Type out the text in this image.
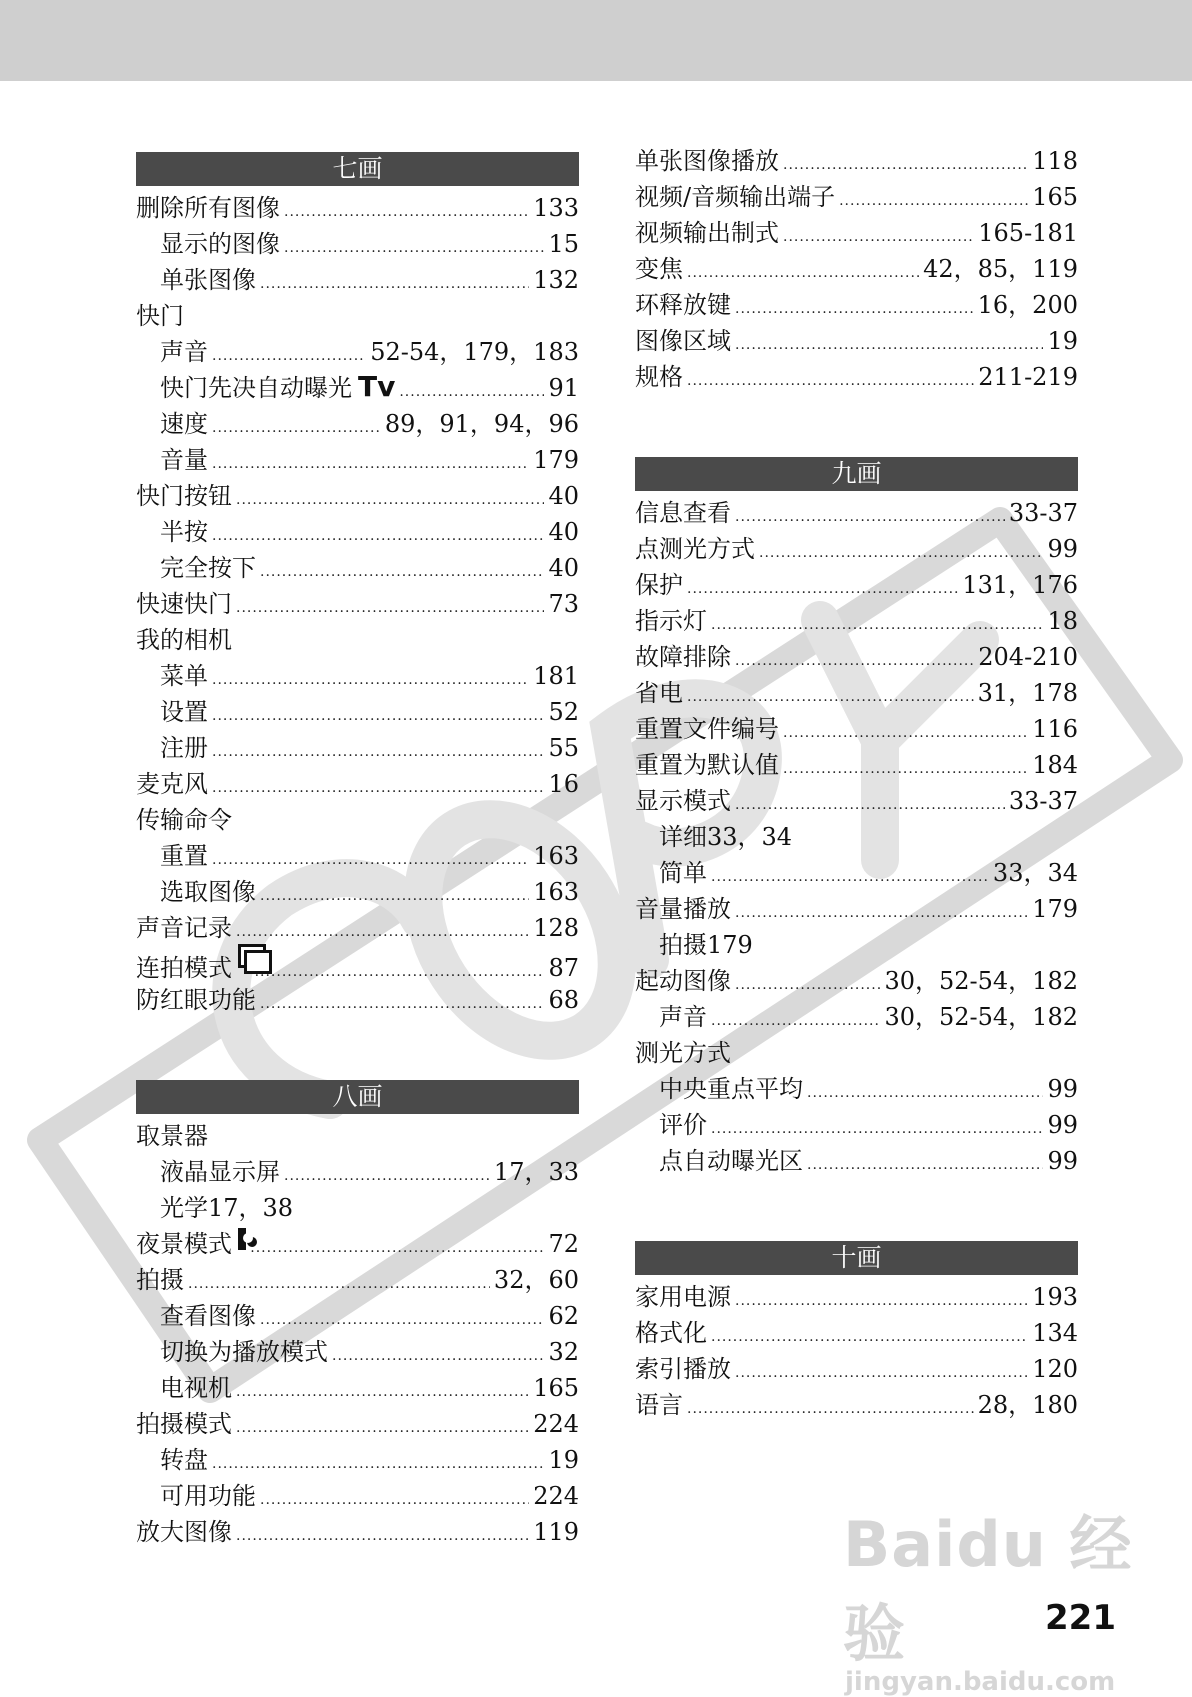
七画
删除所有图像 .....	133
显示的图像 .....	15
单张图像 .....	132
快门
声音 .....	52-54，179，183
快门先决自动曝光 Tv .....	91
速度 .....	89，91，94，96
音量 .....	179
快门按钮 .....	40
半按 .....	40
完全按下 .....	40
快速快门 .....	73
我的相机
菜单 .....	181
设置 .....	52
注册 .....	55
麦克风 .....	16
传输命令
重置 .....	163
选取图像 .....	163
声音记录 .....	128
连拍模式 .....	87
防红眼功能 .....	68
八画
取景器
液晶显示屏 .....	17，33
光学17，38
夜景模式 .....	72
拍摄 .....	32，60
查看图像 .....	62
切换为播放模式 .....	32
电视机 .....	165
拍摄模式 .....	224
转盘 .....	19
可用功能 .....	224
放大图像 .....	119
单张图像播放 .....	118
视频/音频输出端子 .....	165
视频输出制式 .....	165-181
变焦 .....	42，85，119
环释放键 .....	16，200
图像区域 .....	19
规格 .....	211-219
九画
信息查看 .....	33-37
点测光方式 .....	99
保护 .....	131，176
指示灯 .....	18
故障排除 .....	204-210
省电 .....	31，178
重置文件编号 .....	116
重置为默认值 .....	184
显示模式 .....	33-37
详细33，34
简单 .....	33，34
音量播放 .....	179
拍摄179
起动图像 .....	30，52-54，182
声音 .....	30，52-54，182
测光方式
中央重点平均 .....	99
评价 .....	99
点自动曝光区 .....	99
十画
家用电源 .....	193
格式化 .....	134
索引播放 .....	120
语言 .....	28，180
Baidu 经验
jingyan.baidu.com
221
